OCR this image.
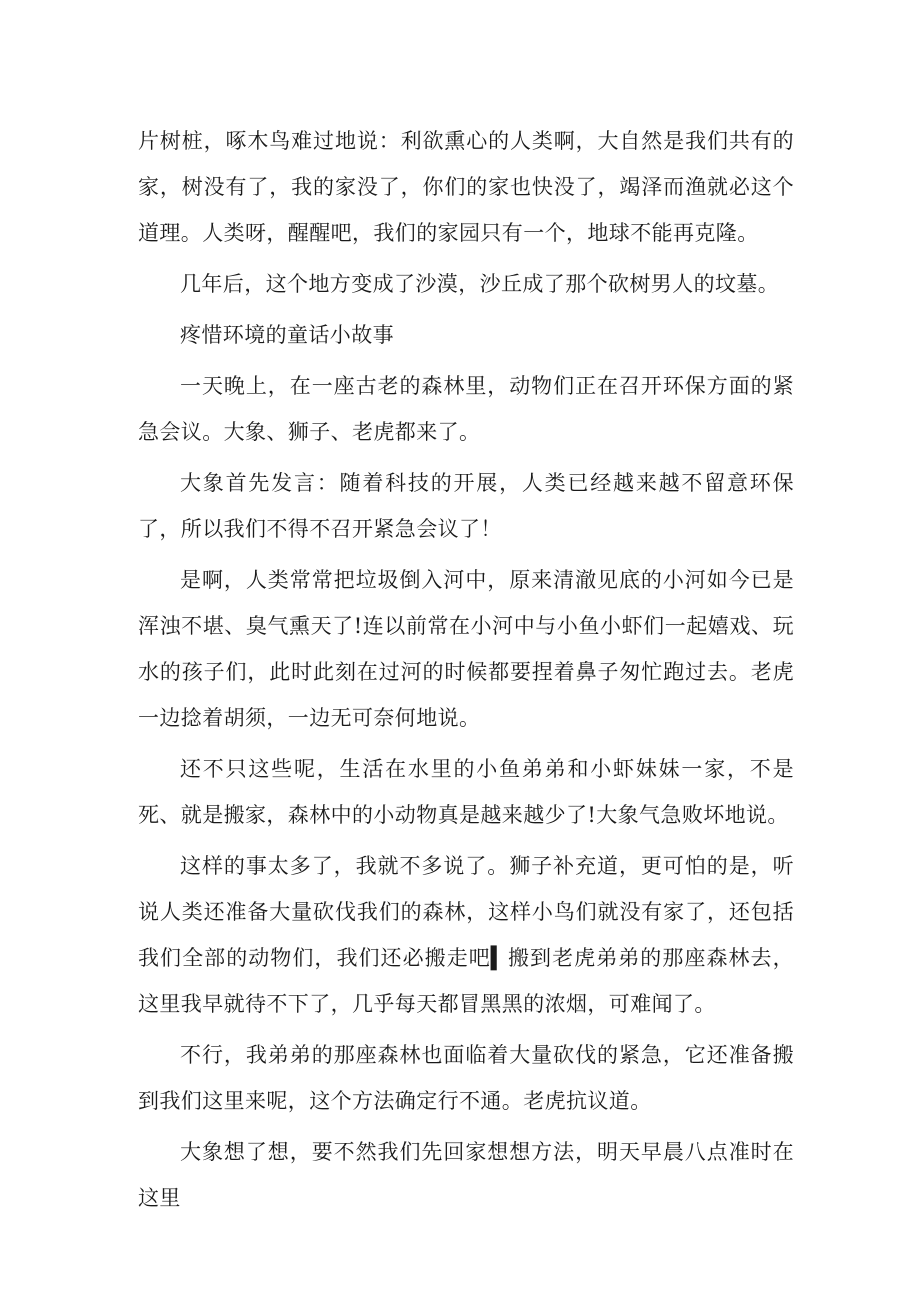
片树桩，啄木鸟难过地说：利欲熏心的人类啊，大自然是我们共有的家，树没有了，我的家没了，你们的家也快没了，竭泽而渔就必这个道理。人类呀，醒醒吧，我们的家园只有一个，地球不能再克隆。

几年后，这个地方变成了沙漠，沙丘成了那个砍树男人的坟墓。

疼惜环境的童话小故事

一天晚上，在一座古老的森林里，动物们正在召开环保方面的紧急会议。大象、狮子、老虎都来了。

大象首先发言：随着科技的开展，人类已经越来越不留意环保了，所以我们不得不召开紧急会议了！

是啊，人类常常把垃圾倒入河中，原来清澈见底的小河如今已是浑浊不堪、臭气熏天了!连以前常在小河中与小鱼小虾们一起嬉戏、玩水的孩子们，此时此刻在过河的时候都要捏着鼻子匆忙跑过去。老虎一边捻着胡须，一边无可奈何地说。

还不只这些呢，生活在水里的小鱼弟弟和小虾妹妹一家，不是死、就是搬家，森林中的小动物真是越来越少了!大象气急败坏地说。

这样的事太多了，我就不多说了。狮子补充道，更可怕的是，听说人类还准备大量砍伐我们的森林，这样小鸟们就没有家了，还包括我们全部的动物们，我们还必搬走吧▍搬到老虎弟弟的那座森林去，这里我早就待不下了，几乎每天都冒黑黑的浓烟，可难闻了。

不行，我弟弟的那座森林也面临着大量砍伐的紧急，它还准备搬到我们这里来呢，这个方法确定行不通。老虎抗议道。

大象想了想，要不然我们先回家想想方法，明天早晨八点准时在这里
